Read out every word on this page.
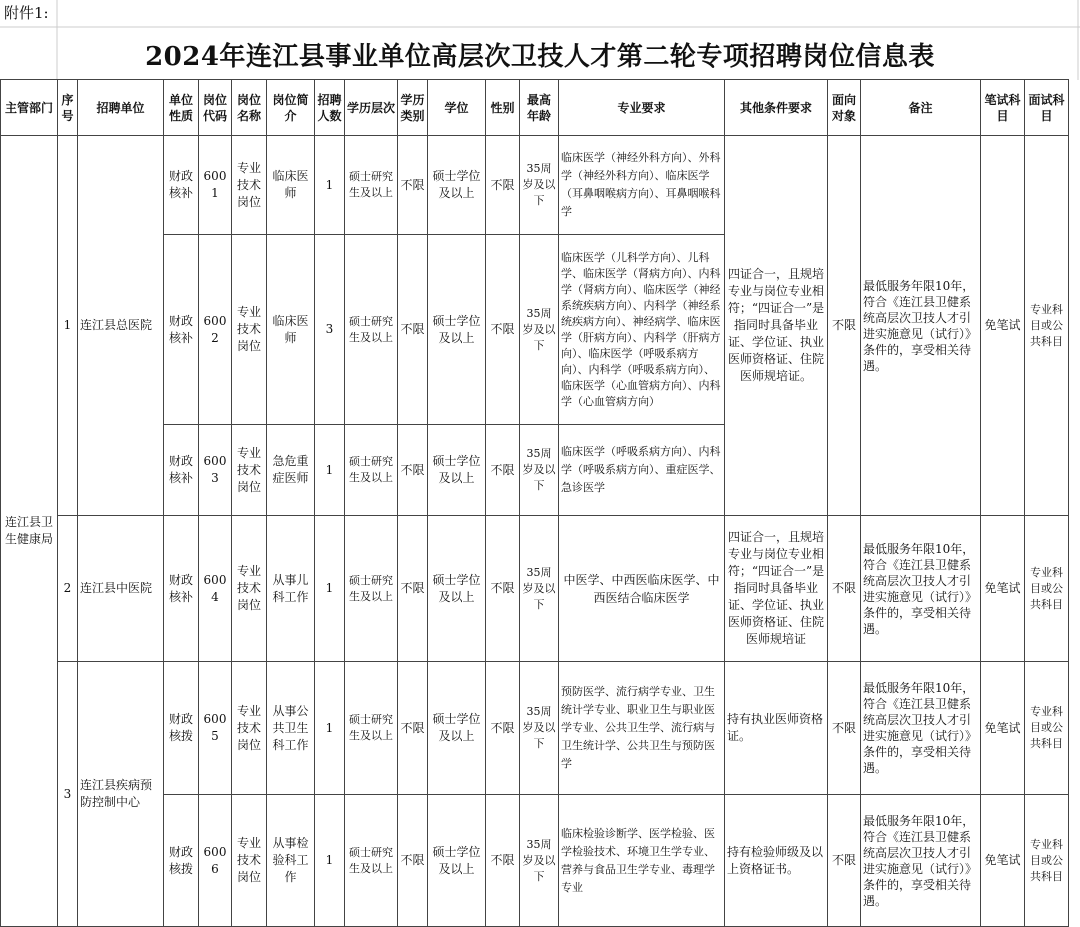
附件1:
2024年连江县事业单位高层次卫技人才第二轮专项招聘岗位信息表
主管部门	序号	招聘单位	单位性质	岗位代码	岗位名称	岗位简介	招聘人数	学历层次	学历类别	学位	性别	最高年龄	专业要求	其他条件要求	面向对象	备注	笔试科目	面试科目
连江县卫生健康局	1	连江县总医院	财政核补	6001	专业技术岗位	临床医师	1	硕士研究生及以上	不限	硕士学位及以上	不限	35周岁及以下	临床医学（神经外科方向）、外科学（神经外科方向）、临床医学（耳鼻咽喉病方向）、耳鼻咽喉科学	四证合一，且规培专业与岗位专业相符；“四证合一”是指同时具备毕业证、学位证、执业医师资格证、住院医师规培证。	不限	最低服务年限10年，符合《连江县卫健系统高层次卫技人才引进实施意见（试行）》条件的，享受相关待遇。	免笔试	专业科目或公共科目
			财政核补	6002	专业技术岗位	临床医师	3	硕士研究生及以上	不限	硕士学位及以上	不限	35周岁及以下	临床医学（儿科学方向）、儿科学、临床医学（肾病方向）、内科学（肾病方向）、临床医学（神经系统疾病方向）、内科学（神经系统疾病方向）、神经病学、临床医学（肝病方向）、内科学（肝病方向）、临床医学（呼吸系病方向）、内科学（呼吸系病方向）、临床医学（心血管病方向）、内科学（心血管病方向）					
			财政核补	6003	专业技术岗位	急危重症医师	1	硕士研究生及以上	不限	硕士学位及以上	不限	35周岁及以下	临床医学（呼吸系病方向）、内科学（呼吸系病方向）、重症医学、急诊医学					
	2	连江县中医院	财政核补	6004	专业技术岗位	从事儿科工作	1	硕士研究生及以上	不限	硕士学位及以上	不限	35周岁及以下	中医学、中西医临床医学、中西医结合临床医学	四证合一，且规培专业与岗位专业相符；“四证合一”是指同时具备毕业证、学位证、执业医师资格证、住院医师规培证	不限	最低服务年限10年，符合《连江县卫健系统高层次卫技人才引进实施意见（试行）》条件的，享受相关待遇。	免笔试	专业科目或公共科目
	3	连江县疾病预防控制中心	财政核拨	6005	专业技术岗位	从事公共卫生科工作	1	硕士研究生及以上	不限	硕士学位及以上	不限	35周岁及以下	预防医学、流行病学专业、卫生统计学专业、职业卫生与职业医学专业、公共卫生学、流行病与卫生统计学、公共卫生与预防医学	持有执业医师资格证。	不限	最低服务年限10年，符合《连江县卫健系统高层次卫技人才引进实施意见（试行）》条件的，享受相关待遇。	免笔试	专业科目或公共科目
			财政核拨	6006	专业技术岗位	从事检验科工作	1	硕士研究生及以上	不限	硕士学位及以上	不限	35周岁及以下	临床检验诊断学、医学检验、医学检验技术、环境卫生学专业、营养与食品卫生学专业、毒理学专业	持有检验师级及以上资格证书。	不限	最低服务年限10年，符合《连江县卫健系统高层次卫技人才引进实施意见（试行）》条件的，享受相关待遇。	免笔试	专业科目或公共科目
